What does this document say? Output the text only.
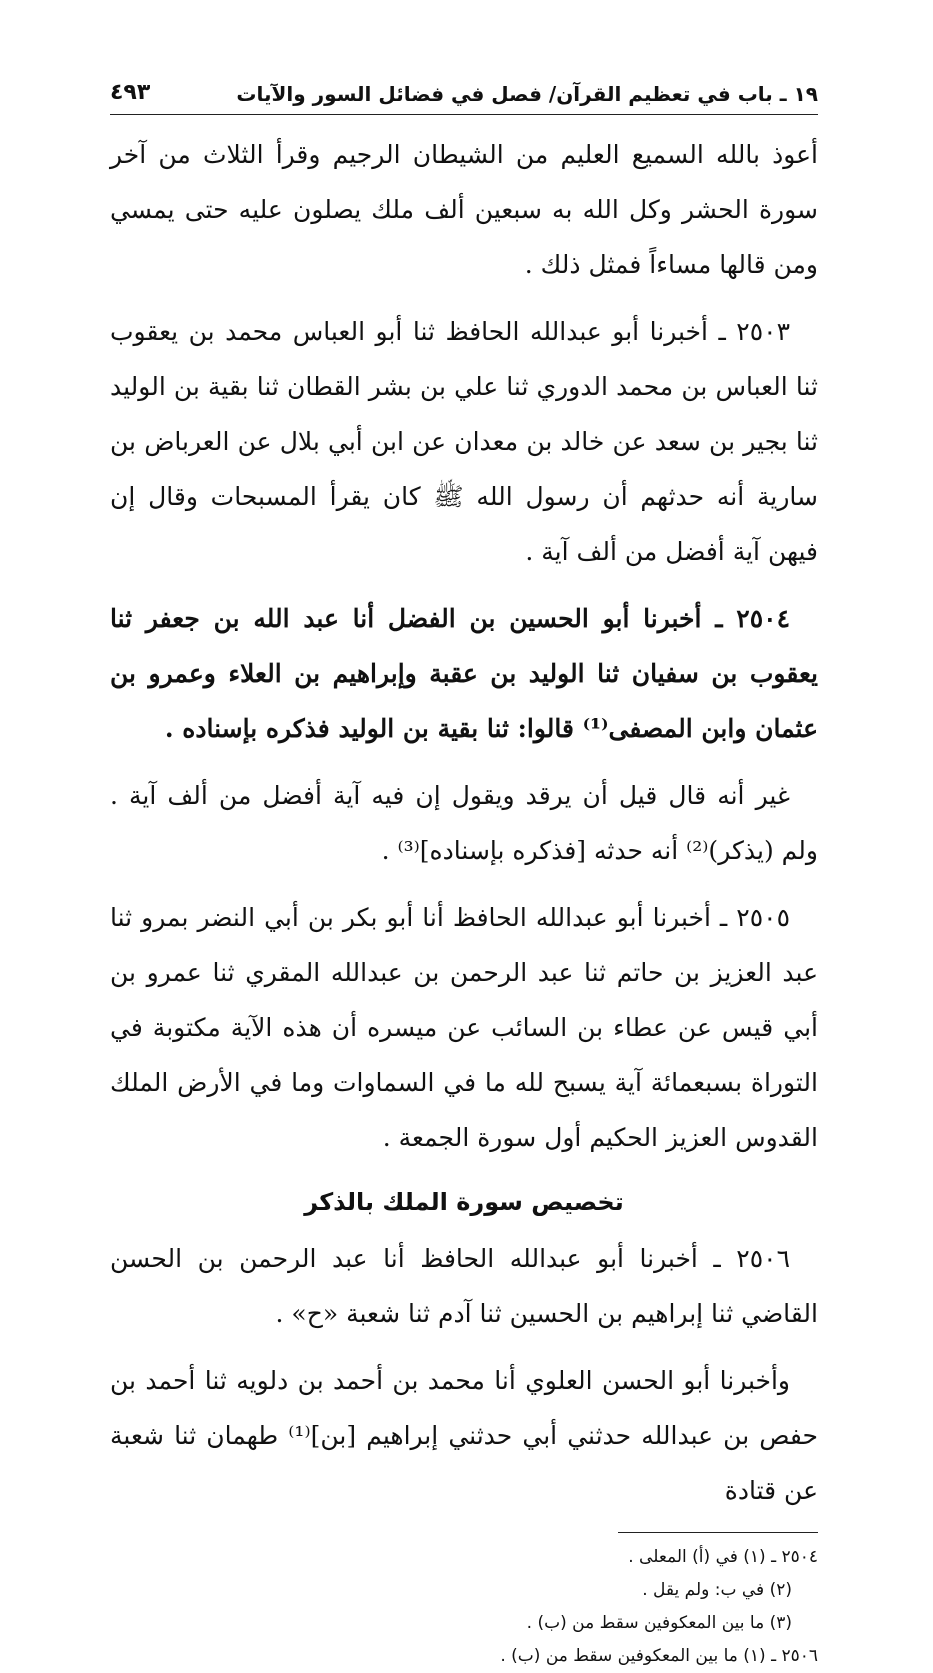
١٩ ـ باب في تعظيم القرآن/ فصل في فضائل السور والآيات
٤٩٣

أعوذ بالله السميع العليم من الشيطان الرجيم وقرأ الثلاث من آخر سورة الحشر وكل الله به سبعين ألف ملك يصلون عليه حتى يمسي ومن قالها مساءاً فمثل ذلك .

٢٥٠٣ ـ أخبرنا أبو عبدالله الحافظ ثنا أبو العباس محمد بن يعقوب ثنا العباس بن محمد الدوري ثنا علي بن بشر القطان ثنا بقية بن الوليد ثنا بجير بن سعد عن خالد بن معدان عن ابن أبي بلال عن العرباض بن سارية أنه حدثهم أن رسول الله ﷺ كان يقرأ المسبحات وقال إن فيهن آية أفضل من ألف آية .

٢٥٠٤ ـ أخبرنا أبو الحسين بن الفضل أنا عبد الله بن جعفر ثنا يعقوب بن سفيان ثنا الوليد بن عقبة وإبراهيم بن العلاء وعمرو بن عثمان وابن المصفى⁽¹⁾ قالوا: ثنا بقية بن الوليد فذكره بإسناده .

غير أنه قال قيل أن يرقد ويقول إن فيه آية أفضل من ألف آية . ولم (يذكر)⁽²⁾ أنه حدثه [فذكره بإسناده]⁽³⁾ .

٢٥٠٥ ـ أخبرنا أبو عبدالله الحافظ أنا أبو بكر بن أبي النضر بمرو ثنا عبد العزيز بن حاتم ثنا عبد الرحمن بن عبدالله المقري ثنا عمرو بن أبي قيس عن عطاء بن السائب عن ميسره أن هذه الآية مكتوبة في التوراة بسبعمائة آية يسبح لله ما في السماوات وما في الأرض الملك القدوس العزيز الحكيم أول سورة الجمعة .

تخصيص سورة الملك بالذكر

٢٥٠٦ ـ أخبرنا أبو عبدالله الحافظ أنا عبد الرحمن بن الحسن القاضي ثنا إبراهيم بن الحسين ثنا آدم ثنا شعبة «ح» .

وأخبرنا أبو الحسن العلوي أنا محمد بن أحمد بن دلويه ثنا أحمد بن حفص بن عبدالله حدثني أبي حدثني إبراهيم [بن]⁽¹⁾ طهمان ثنا شعبة عن قتادة

٢٥٠٤ ـ (١) في (أ) المعلى .

(٢) في ب: ولم يقل .

(٣) ما بين المعكوفين سقط من (ب) .

٢٥٠٦ ـ (١) ما بين المعكوفين سقط من (ب) .
